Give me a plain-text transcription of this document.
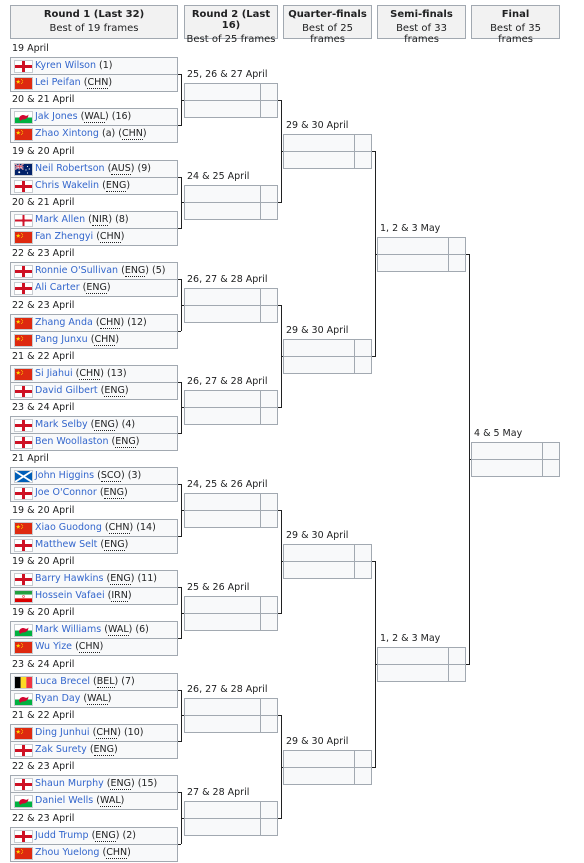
Round 1 (Last 32)
Best of 19 frames
Round 2 (Last 16)
Best of 25 frames
Quarter-finals
Best of 25 frames
Semi-finals
Best of 33 frames
Final
Best of 35 frames
19 April
Kyren Wilson (1)
Lei Peifan (CHN)
20 & 21 April
Jak Jones (WAL) (16)
Zhao Xintong (a) (CHN)
19 & 20 April
Neil Robertson (AUS) (9)
Chris Wakelin (ENG)
20 & 21 April
Mark Allen (NIR) (8)
Fan Zhengyi (CHN)
22 & 23 April
Ronnie O'Sullivan (ENG) (5)
Ali Carter (ENG)
22 & 23 April
Zhang Anda (CHN) (12)
Pang Junxu (CHN)
21 & 22 April
Si Jiahui (CHN) (13)
David Gilbert (ENG)
23 & 24 April
Mark Selby (ENG) (4)
Ben Woollaston (ENG)
21 April
John Higgins (SCO) (3)
Joe O'Connor (ENG)
19 & 20 April
Xiao Guodong (CHN) (14)
Matthew Selt (ENG)
19 & 20 April
Barry Hawkins (ENG) (11)
Hossein Vafaei (IRN)
19 & 20 April
Mark Williams (WAL) (6)
Wu Yize (CHN)
23 & 24 April
Luca Brecel (BEL) (7)
Ryan Day (WAL)
21 & 22 April
Ding Junhui (CHN) (10)
Zak Surety (ENG)
22 & 23 April
Shaun Murphy (ENG) (15)
Daniel Wells (WAL)
22 & 23 April
Judd Trump (ENG) (2)
Zhou Yuelong (CHN)
25, 26 & 27 April
24 & 25 April
26, 27 & 28 April
26, 27 & 28 April
24, 25 & 26 April
25 & 26 April
26, 27 & 28 April
27 & 28 April
29 & 30 April
29 & 30 April
29 & 30 April
29 & 30 April
1, 2 & 3 May
1, 2 & 3 May
4 & 5 May
